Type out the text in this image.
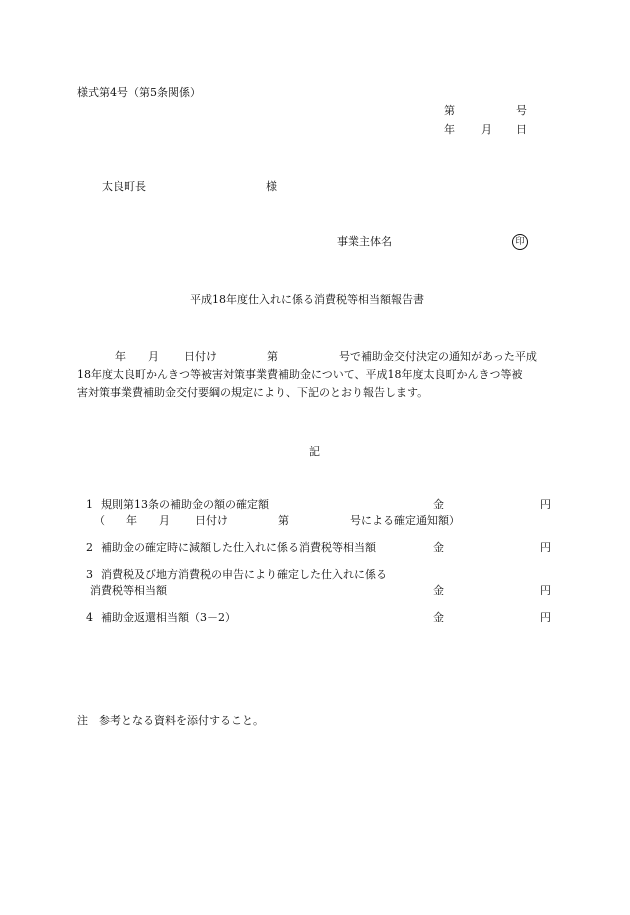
様式第4号（第5条関係）
第	号
年 月 日
太良町長	様
事業主体名	印
平成18年度仕入れに係る消費税等相当額報告書
年 月 日付け	第	号で補助金交付決定の通知があった平成
18年度太良町かんきつ等被害対策事業費補助金について、平成18年度太良町かんきつ等被
害対策事業費補助金交付要綱の規定により、下記のとおり報告します。
記
1 規則第13条の補助金の額の確定額	金	円
（ 年 月 日付け	第	号による確定通知額）
2 補助金の確定時に減額した仕入れに係る消費税等相当額	金	円
3 消費税及び地方消費税の申告により確定した仕入れに係る
消費税等相当額	金	円
4 補助金返還相当額（3－2）	金	円
注　参考となる資料を添付すること。
